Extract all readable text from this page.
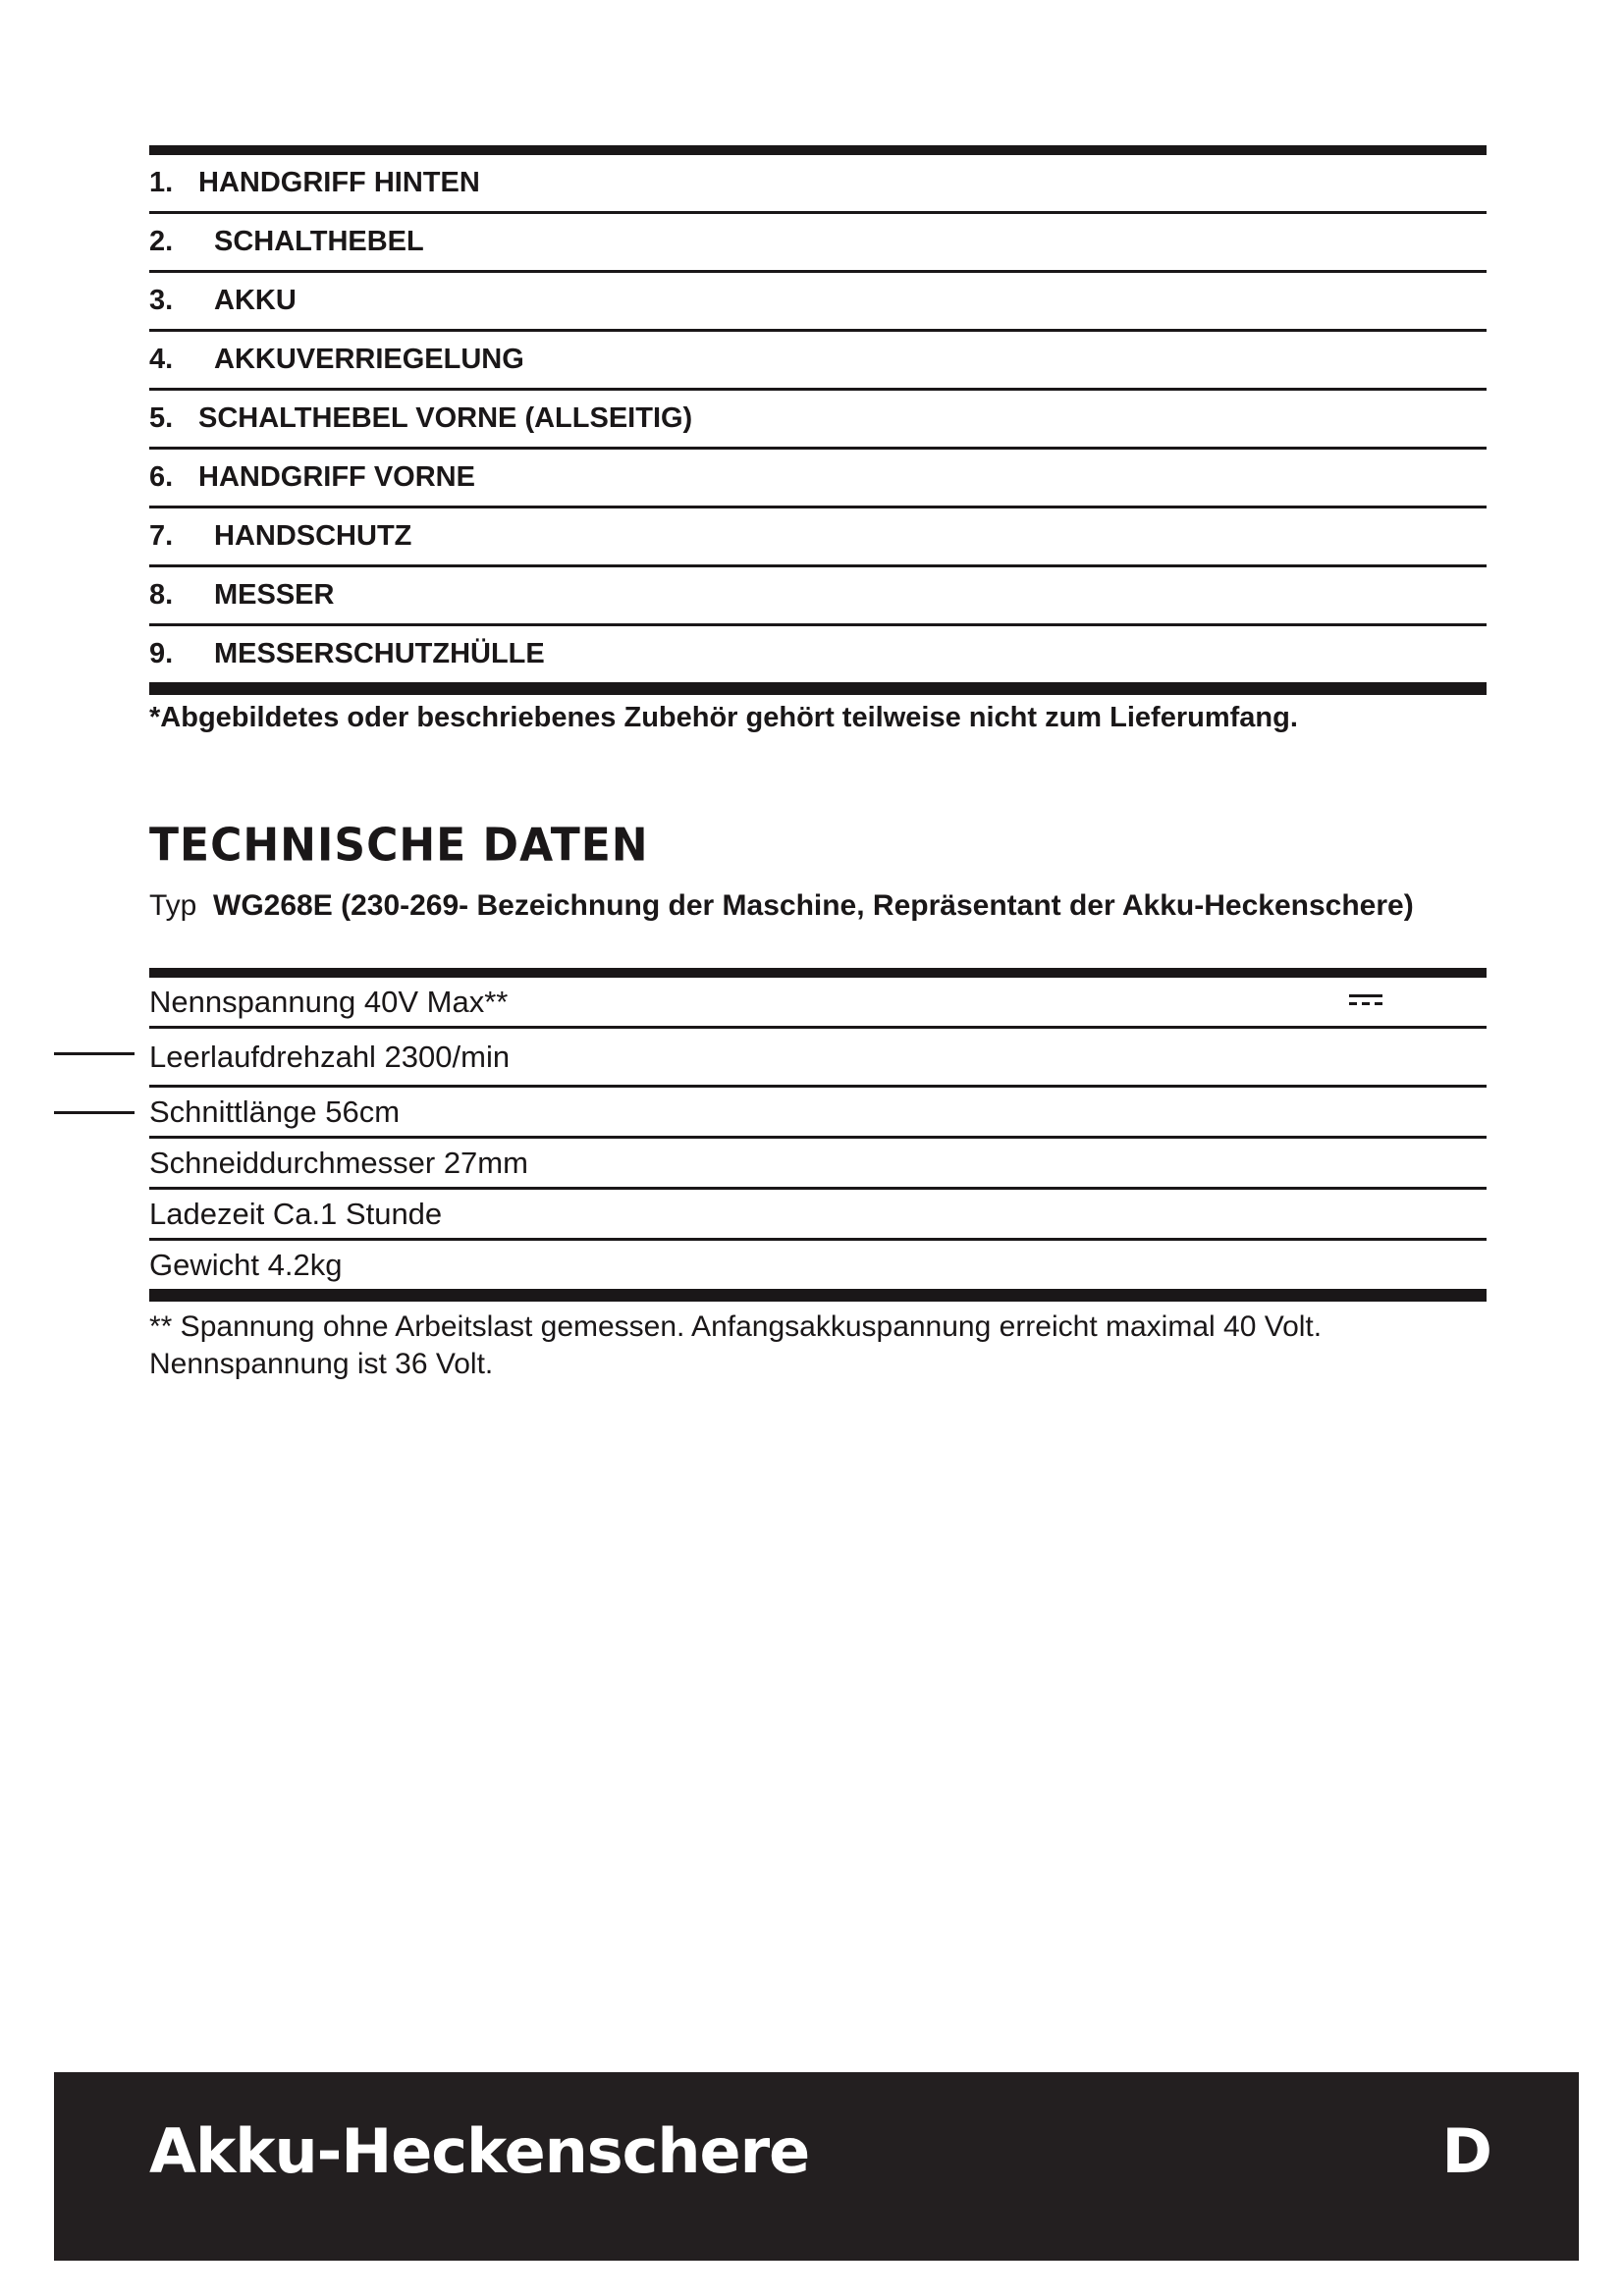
1. HANDGRIFF HINTEN
2.	SCHALTHEBEL
3.	AKKU
4.	AKKUVERRIEGELUNG
5. SCHALTHEBEL VORNE (ALLSEITIG)
6. HANDGRIFF VORNE
7.	HANDSCHUTZ
8.	MESSER
9.	MESSERSCHUTZHÜLLE
*Abgebildetes oder beschriebenes Zubehör gehört teilweise nicht zum Lieferumfang.
TECHNISCHE DATEN
Typ WG268E (230-269- Bezeichnung der Maschine, Repräsentant der Akku-Heckenschere)
Nennspannung 40V Max**
Leerlaufdrehzahl 2300/min
Schnittlänge 56cm
Schneiddurchmesser 27mm
Ladezeit Ca.1 Stunde
Gewicht 4.2kg
** Spannung ohne Arbeitslast gemessen. Anfangsakkuspannung erreicht maximal 40 Volt. Nennspannung ist 36 Volt.
Akku-Heckenschere	D
